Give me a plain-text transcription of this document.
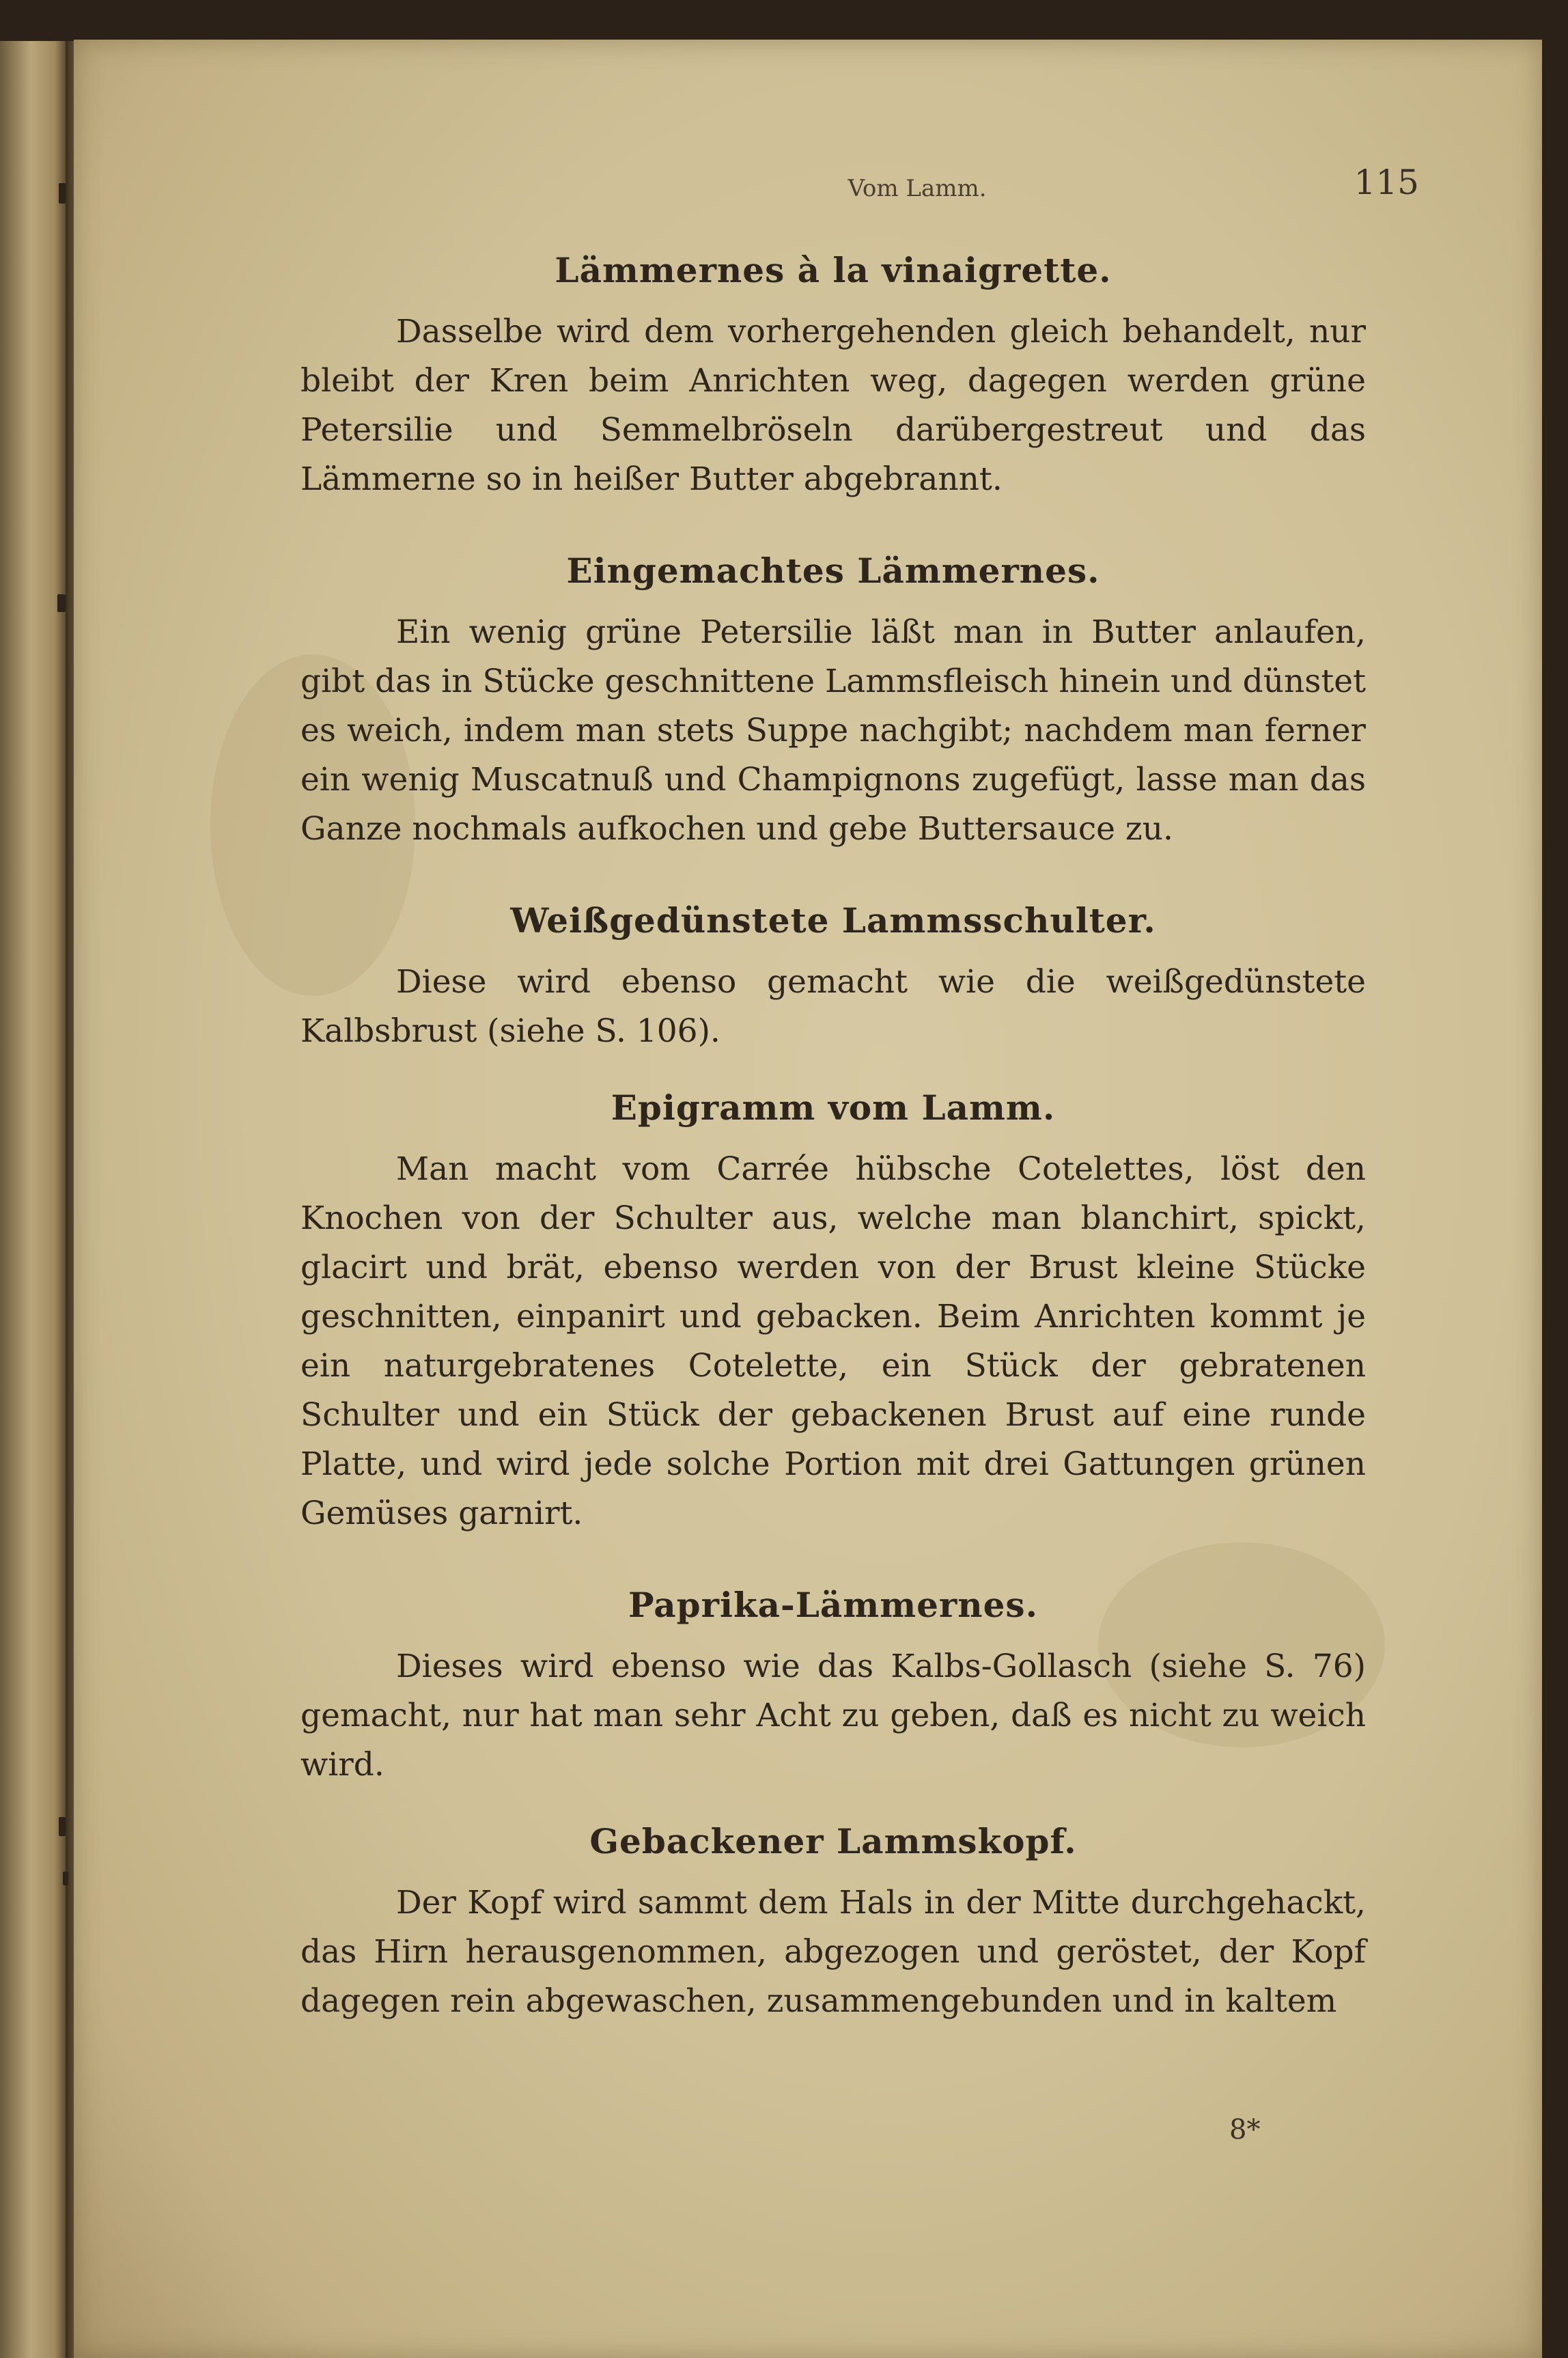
Vom Lamm.	115

Lämmernes à la vinaigrette.

Dasselbe wird dem vorhergehenden gleich behandelt, nur bleibt der Kren beim Anrichten weg, dagegen werden grüne Petersilie und Semmelbröseln darübergestreut und das Lämmerne so in heißer Butter abgebrannt.

Eingemachtes Lämmernes.

Ein wenig grüne Petersilie läßt man in Butter anlaufen, gibt das in Stücke geschnittene Lammsfleisch hinein und dünstet es weich, indem man stets Suppe nachgibt; nachdem man ferner ein wenig Muscatnuß und Champignons zugefügt, lasse man das Ganze nochmals aufkochen und gebe Buttersauce zu.

Weißgedünstete Lammsschulter.

Diese wird ebenso gemacht wie die weißgedünstete Kalbsbrust (siehe S. 106).

Epigramm vom Lamm.

Man macht vom Carrée hübsche Cotelettes, löst den Knochen von der Schulter aus, welche man blanchirt, spickt, glacirt und brät, ebenso werden von der Brust kleine Stücke geschnitten, einpanirt und gebacken. Beim Anrichten kommt je ein naturgebratenes Cotelette, ein Stück der gebratenen Schulter und ein Stück der gebackenen Brust auf eine runde Platte, und wird jede solche Portion mit drei Gattungen grünen Gemüses garnirt.

Paprika-Lämmernes.

Dieses wird ebenso wie das Kalbs-Gollasch (siehe S. 76) gemacht, nur hat man sehr Acht zu geben, daß es nicht zu weich wird.

Gebackener Lammskopf.

Der Kopf wird sammt dem Hals in der Mitte durchgehackt, das Hirn herausgenommen, abgezogen und geröstet, der Kopf dagegen rein abgewaschen, zusammengebunden und in kaltem

8*
